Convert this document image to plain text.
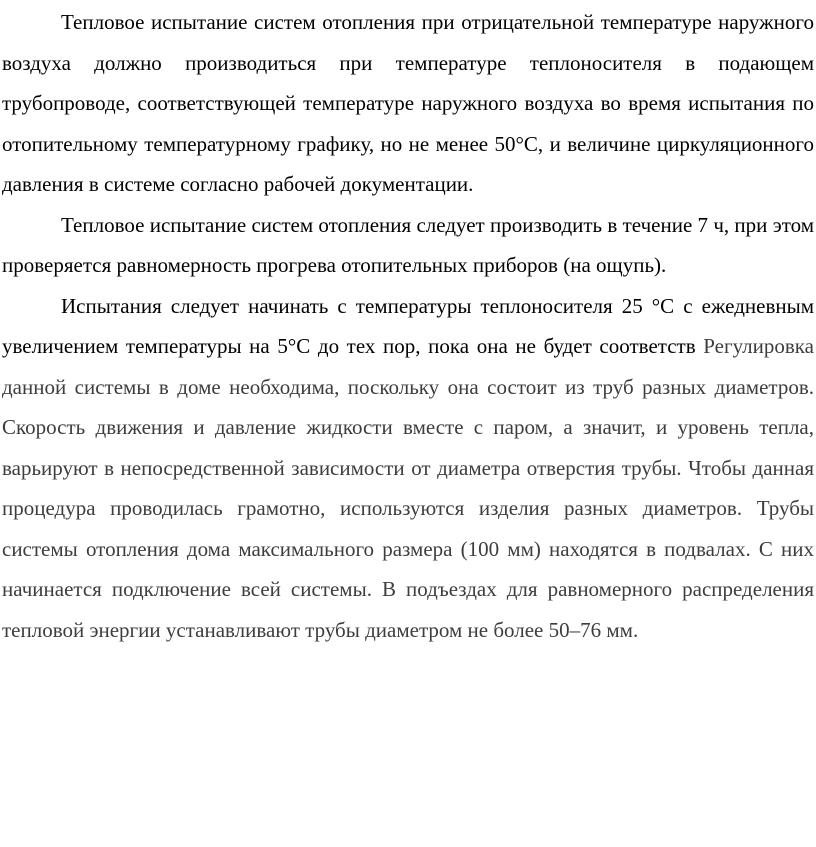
Тепловое испытание систем отопления при отрицательной температуре наружного воздуха должно производиться при температуре теплоносителя в подающем трубопроводе, соответствующей температуре наружного воздуха во время испытания по отопительному температурному графику, но не менее 50°С, и величине циркуляционного давления в системе согласно рабочей документации.

Тепловое испытание систем отопления следует производить в течение 7 ч, при этом проверяется равномерность прогрева отопительных приборов (на ощупь).

Испытания следует начинать с температуры теплоносителя 25 °С с ежедневным увеличением температуры на 5°С до тех пор, пока она не будет соответств Регулировка данной системы в доме необходима, поскольку она состоит из труб разных диаметров. Скорость движения и давление жидкости вместе с паром, а значит, и уровень тепла, варьируют в непосредственной зависимости от диаметра отверстия трубы. Чтобы данная процедура проводилась грамотно, используются изделия разных диаметров. Трубы системы отопления дома максимального размера (100 мм) находятся в подвалах. С них начинается подключение всей системы. В подъездах для равномерного распределения тепловой энергии устанавливают трубы диаметром не более 50–76 мм.
